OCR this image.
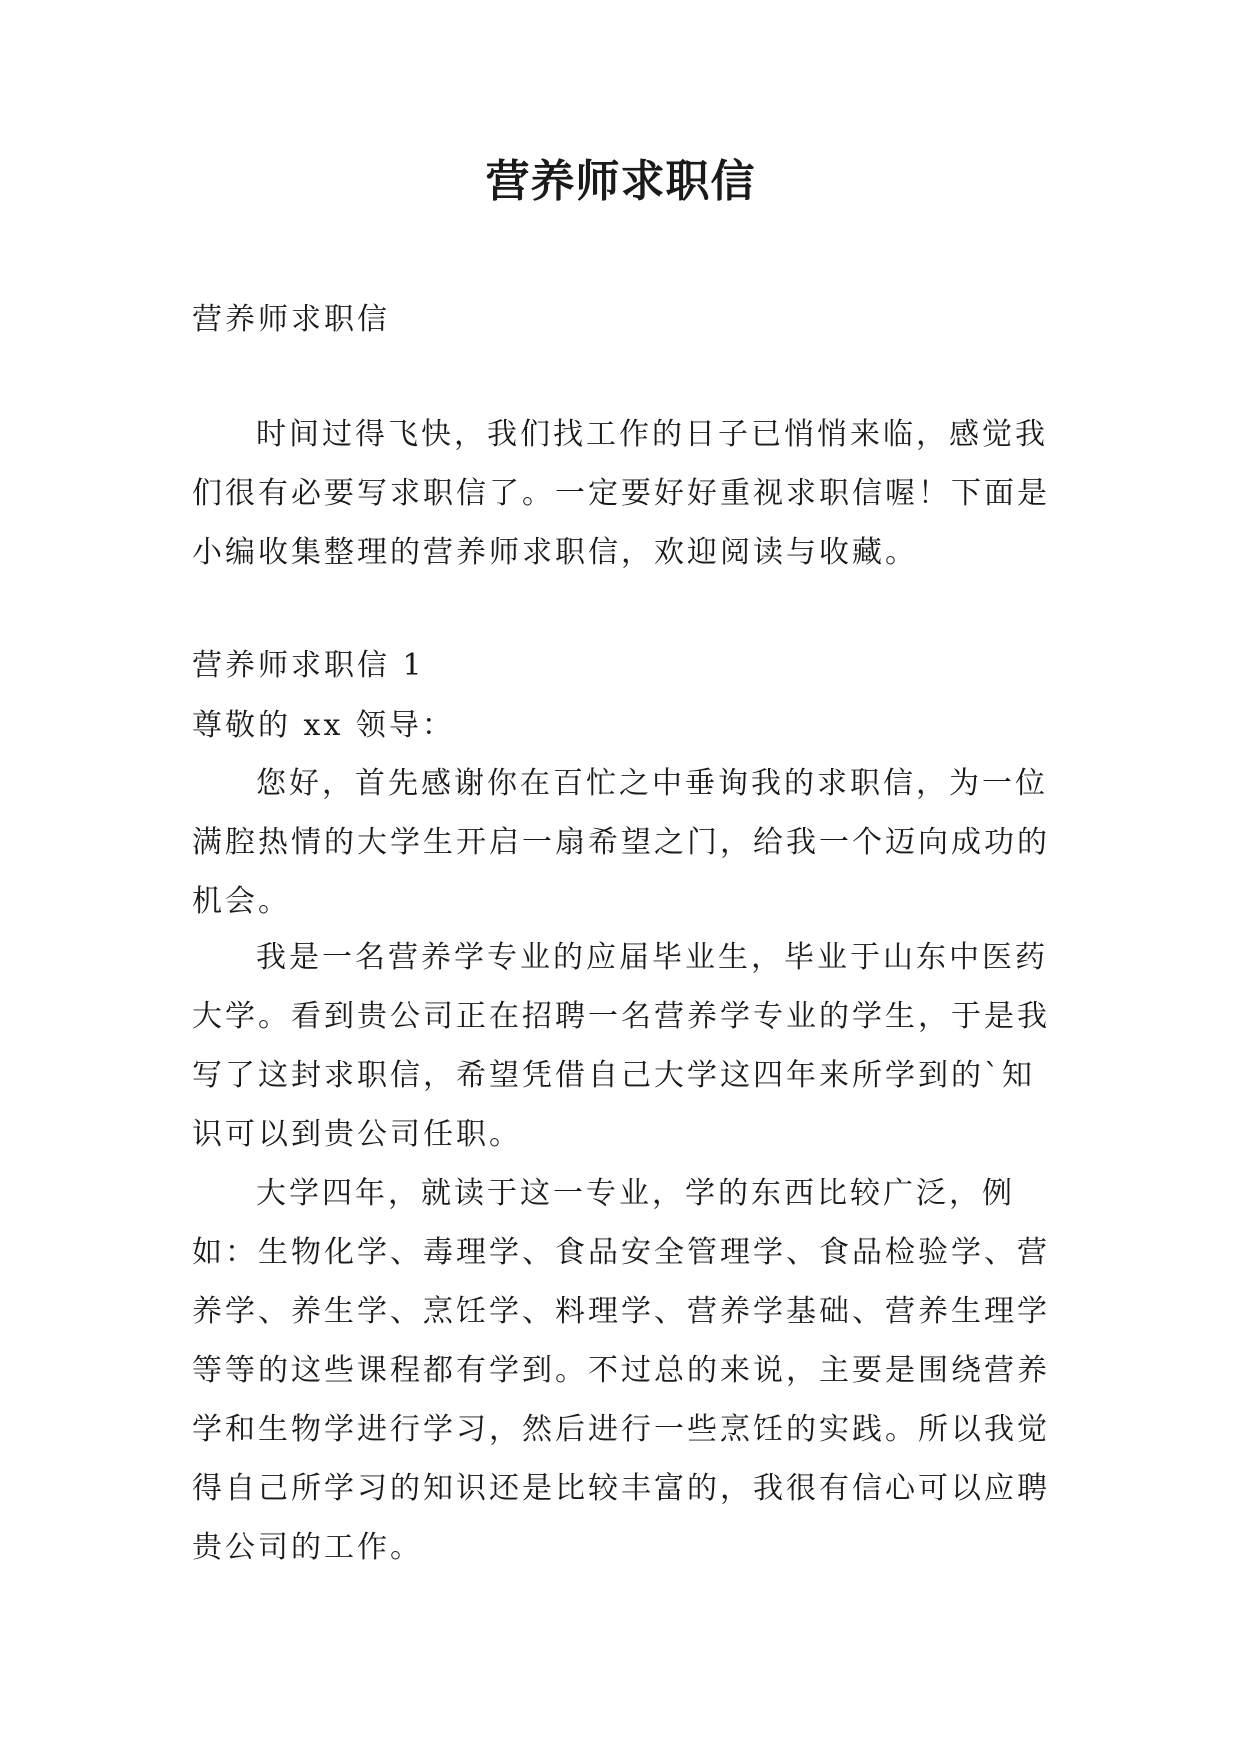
营养师求职信

营养师求职信

时间过得飞快，我们找工作的日子已悄悄来临，感觉我们很有必要写求职信了。一定要好好重视求职信喔！下面是小编收集整理的营养师求职信，欢迎阅读与收藏。

营养师求职信 1

尊敬的 xx 领导：

您好，首先感谢你在百忙之中垂询我的求职信，为一位满腔热情的大学生开启一扇希望之门，给我一个迈向成功的机会。

我是一名营养学专业的应届毕业生，毕业于山东中医药大学。看到贵公司正在招聘一名营养学专业的学生，于是我写了这封求职信，希望凭借自己大学这四年来所学到的`知识可以到贵公司任职。

大学四年，就读于这一专业，学的东西比较广泛，例如：生物化学、毒理学、食品安全管理学、食品检验学、营养学、养生学、烹饪学、料理学、营养学基础、营养生理学等等的这些课程都有学到。不过总的来说，主要是围绕营养学和生物学进行学习，然后进行一些烹饪的实践。所以我觉得自己所学习的知识还是比较丰富的，我很有信心可以应聘贵公司的工作。
